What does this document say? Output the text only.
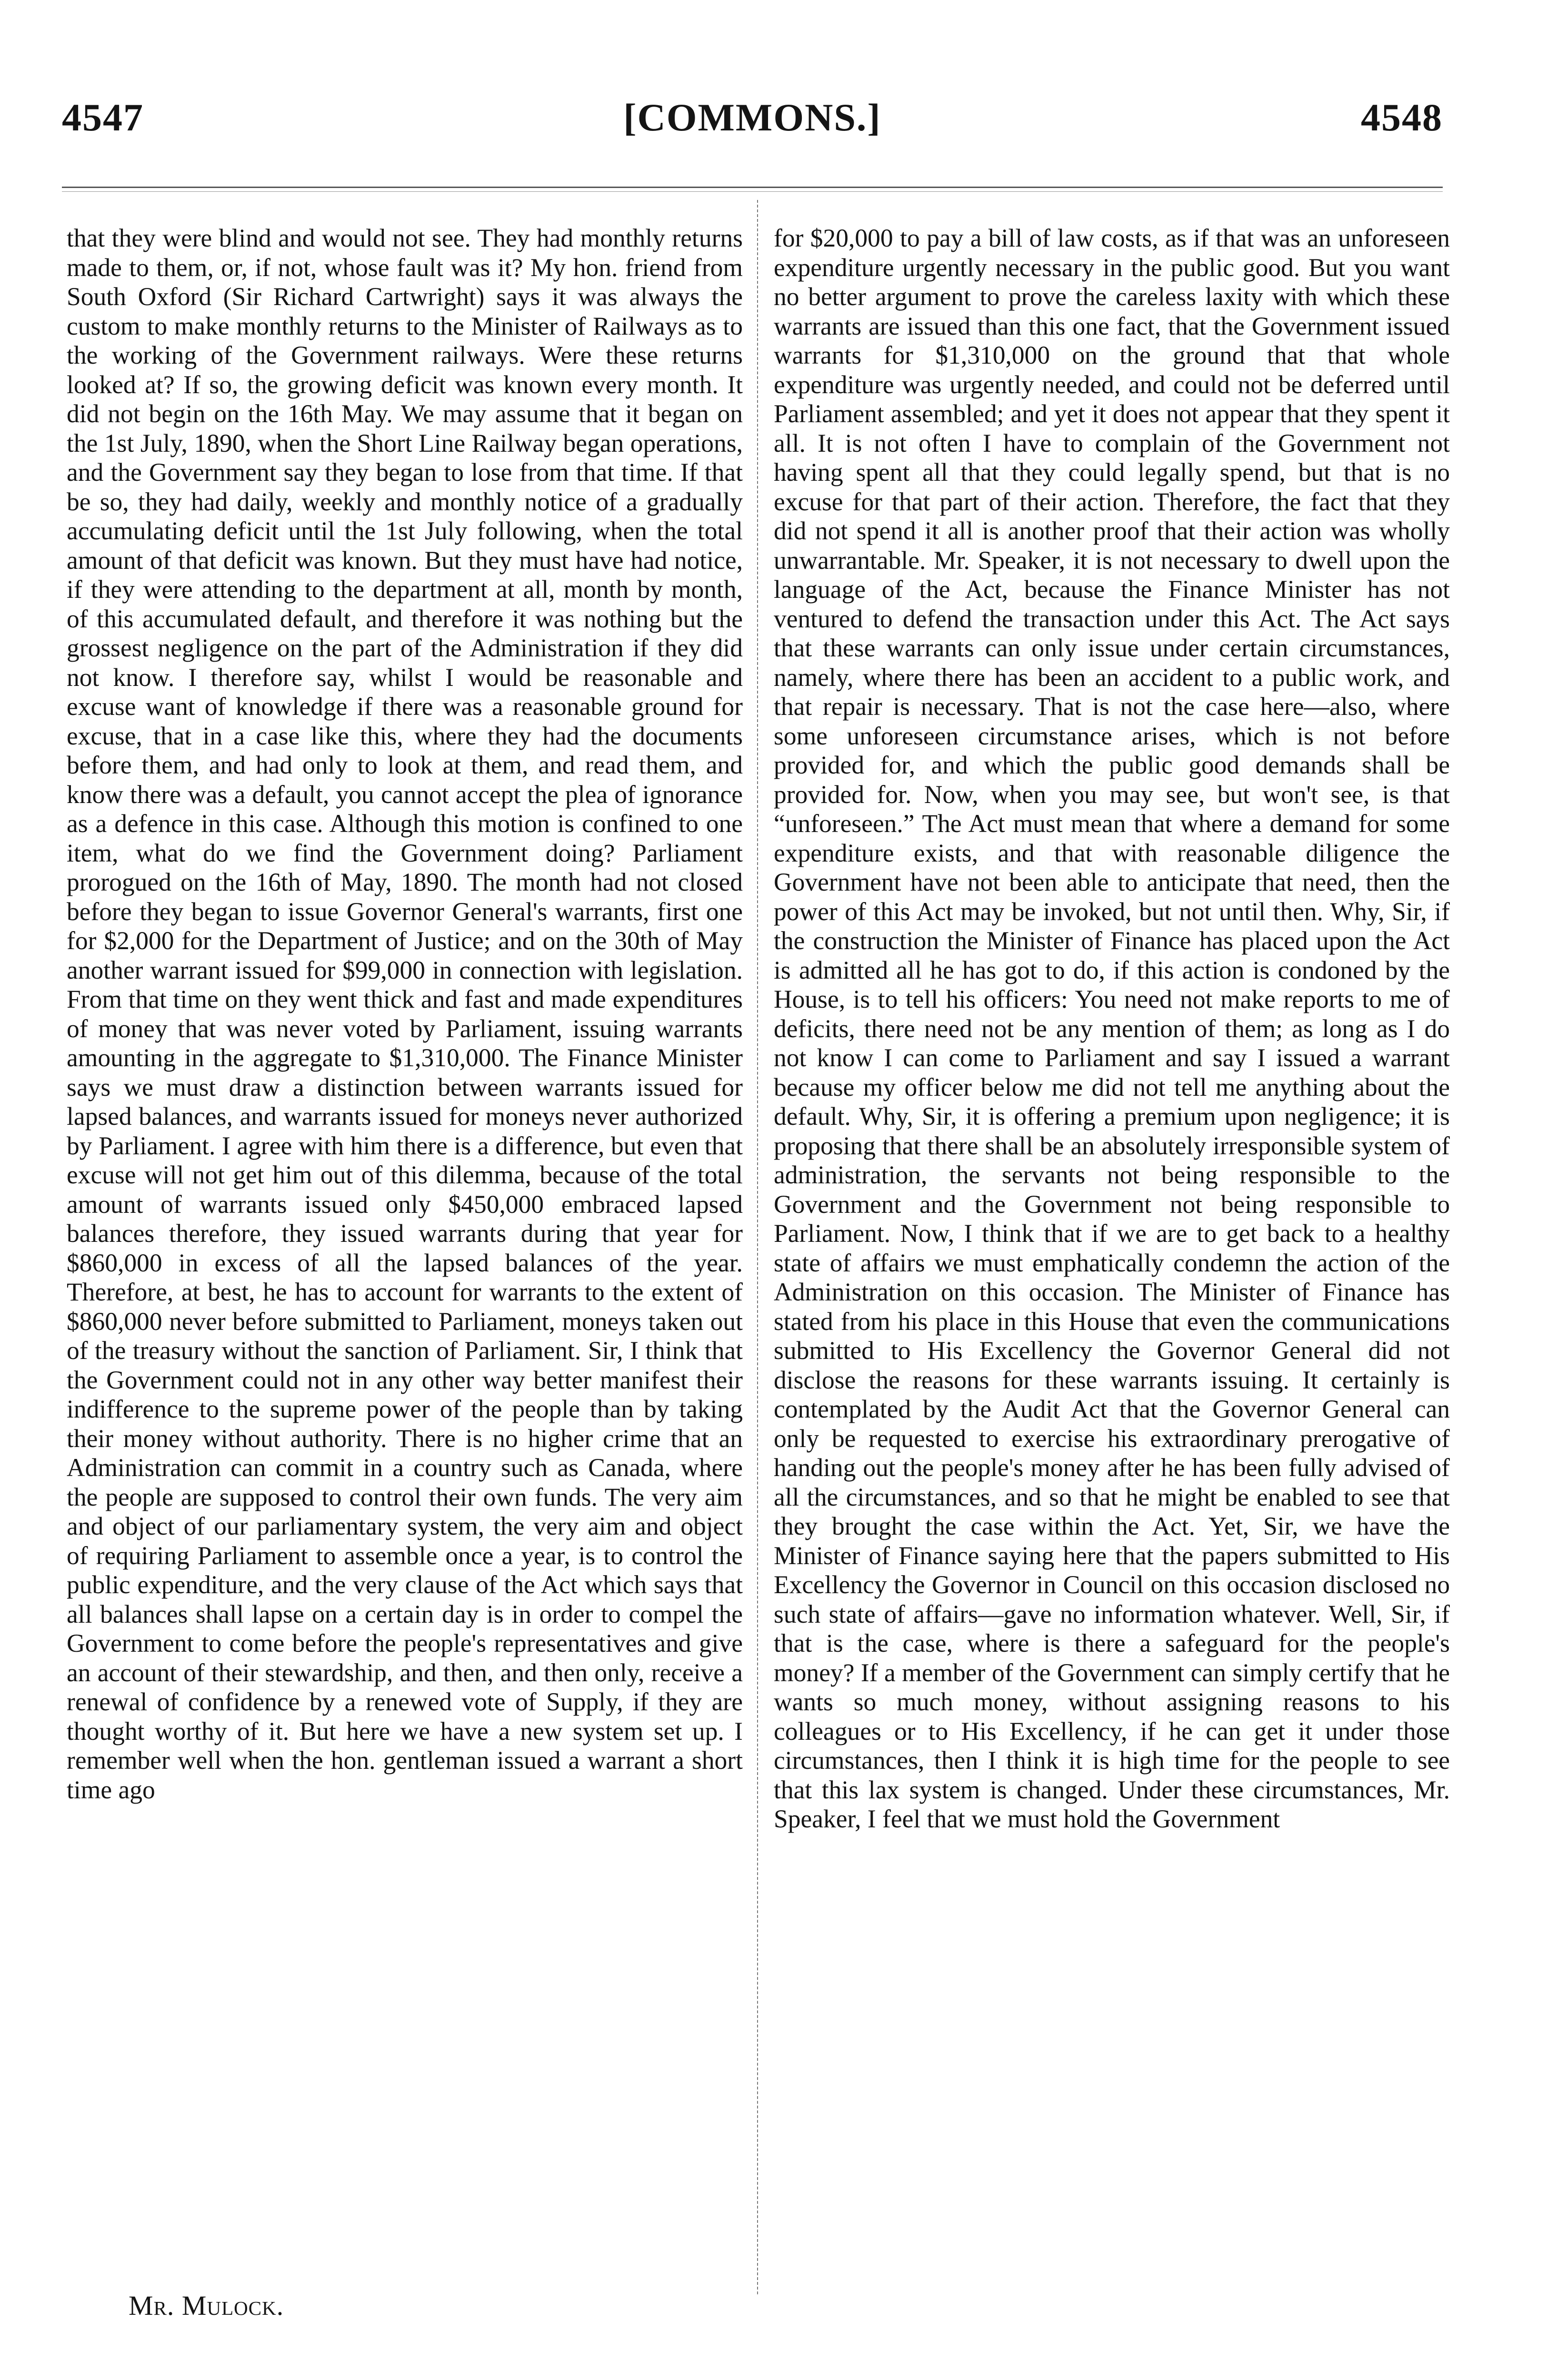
4547	[COMMONS.]	4548

that they were blind and would not see. They had monthly returns made to them, or, if not, whose fault was it? My hon. friend from South Oxford (Sir Richard Cartwright) says it was always the custom to make monthly returns to the Minister of Railways as to the working of the Government railways. Were these returns looked at? If so, the growing deficit was known every month. It did not begin on the 16th May. We may assume that it began on the 1st July, 1890, when the Short Line Railway began operations, and the Government say they began to lose from that time. If that be so, they had daily, weekly and monthly notice of a gradually accumulating deficit until the 1st July following, when the total amount of that deficit was known. But they must have had notice, if they were attending to the department at all, month by month, of this accumulated default, and therefore it was nothing but the grossest negligence on the part of the Administration if they did not know. I therefore say, whilst I would be reasonable and excuse want of knowledge if there was a reasonable ground for excuse, that in a case like this, where they had the documents before them, and had only to look at them, and read them, and know there was a default, you cannot accept the plea of ignorance as a defence in this case. Although this motion is confined to one item, what do we find the Government doing? Parliament prorogued on the 16th of May, 1890. The month had not closed before they began to issue Governor General's warrants, first one for $2,000 for the Department of Justice; and on the 30th of May another warrant issued for $99,000 in connection with legislation. From that time on they went thick and fast and made expenditures of money that was never voted by Parliament, issuing warrants amounting in the aggregate to $1,310,000. The Finance Minister says we must draw a distinction between warrants issued for lapsed balances, and warrants issued for moneys never authorized by Parliament. I agree with him there is a difference, but even that excuse will not get him out of this dilemma, because of the total amount of warrants issued only $450,000 embraced lapsed balances therefore, they issued warrants during that year for $860,000 in excess of all the lapsed balances of the year. Therefore, at best, he has to account for warrants to the extent of $860,000 never before submitted to Parliament, moneys taken out of the treasury without the sanction of Parliament. Sir, I think that the Government could not in any other way better manifest their indifference to the supreme power of the people than by taking their money without authority. There is no higher crime that an Administration can commit in a country such as Canada, where the people are supposed to control their own funds. The very aim and object of our parliamentary system, the very aim and object of requiring Parliament to assemble once a year, is to control the public expenditure, and the very clause of the Act which says that all balances shall lapse on a certain day is in order to compel the Government to come before the people's representatives and give an account of their stewardship, and then, and then only, receive a renewal of confidence by a renewed vote of Supply, if they are thought worthy of it. But here we have a new system set up. I remember well when the hon. gentleman issued a warrant a short time ago

for $20,000 to pay a bill of law costs, as if that was an unforeseen expenditure urgently necessary in the public good. But you want no better argument to prove the careless laxity with which these warrants are issued than this one fact, that the Government issued warrants for $1,310,000 on the ground that that whole expenditure was urgently needed, and could not be deferred until Parliament assembled; and yet it does not appear that they spent it all. It is not often I have to complain of the Government not having spent all that they could legally spend, but that is no excuse for that part of their action. Therefore, the fact that they did not spend it all is another proof that their action was wholly unwarrantable. Mr. Speaker, it is not necessary to dwell upon the language of the Act, because the Finance Minister has not ventured to defend the transaction under this Act. The Act says that these warrants can only issue under certain circumstances, namely, where there has been an accident to a public work, and that repair is necessary. That is not the case here—also, where some unforeseen circumstance arises, which is not before provided for, and which the public good demands shall be provided for. Now, when you may see, but won't see, is that “unforeseen.” The Act must mean that where a demand for some expenditure exists, and that with reasonable diligence the Government have not been able to anticipate that need, then the power of this Act may be invoked, but not until then. Why, Sir, if the construction the Minister of Finance has placed upon the Act is admitted all he has got to do, if this action is condoned by the House, is to tell his officers: You need not make reports to me of deficits, there need not be any mention of them; as long as I do not know I can come to Parliament and say I issued a warrant because my officer below me did not tell me anything about the default. Why, Sir, it is offering a premium upon negligence; it is proposing that there shall be an absolutely irresponsible system of administration, the servants not being responsible to the Government and the Government not being responsible to Parliament. Now, I think that if we are to get back to a healthy state of affairs we must emphatically condemn the action of the Administration on this occasion. The Minister of Finance has stated from his place in this House that even the communications submitted to His Excellency the Governor General did not disclose the reasons for these warrants issuing. It certainly is contemplated by the Audit Act that the Governor General can only be requested to exercise his extraordinary prerogative of handing out the people's money after he has been fully advised of all the circumstances, and so that he might be enabled to see that they brought the case within the Act. Yet, Sir, we have the Minister of Finance saying here that the papers submitted to His Excellency the Governor in Council on this occasion disclosed no such state of affairs—gave no information whatever. Well, Sir, if that is the case, where is there a safeguard for the people's money? If a member of the Government can simply certify that he wants so much money, without assigning reasons to his colleagues or to His Excellency, if he can get it under those circumstances, then I think it is high time for the people to see that this lax system is changed. Under these circumstances, Mr. Speaker, I feel that we must hold the Government

Mr. Mulock.
